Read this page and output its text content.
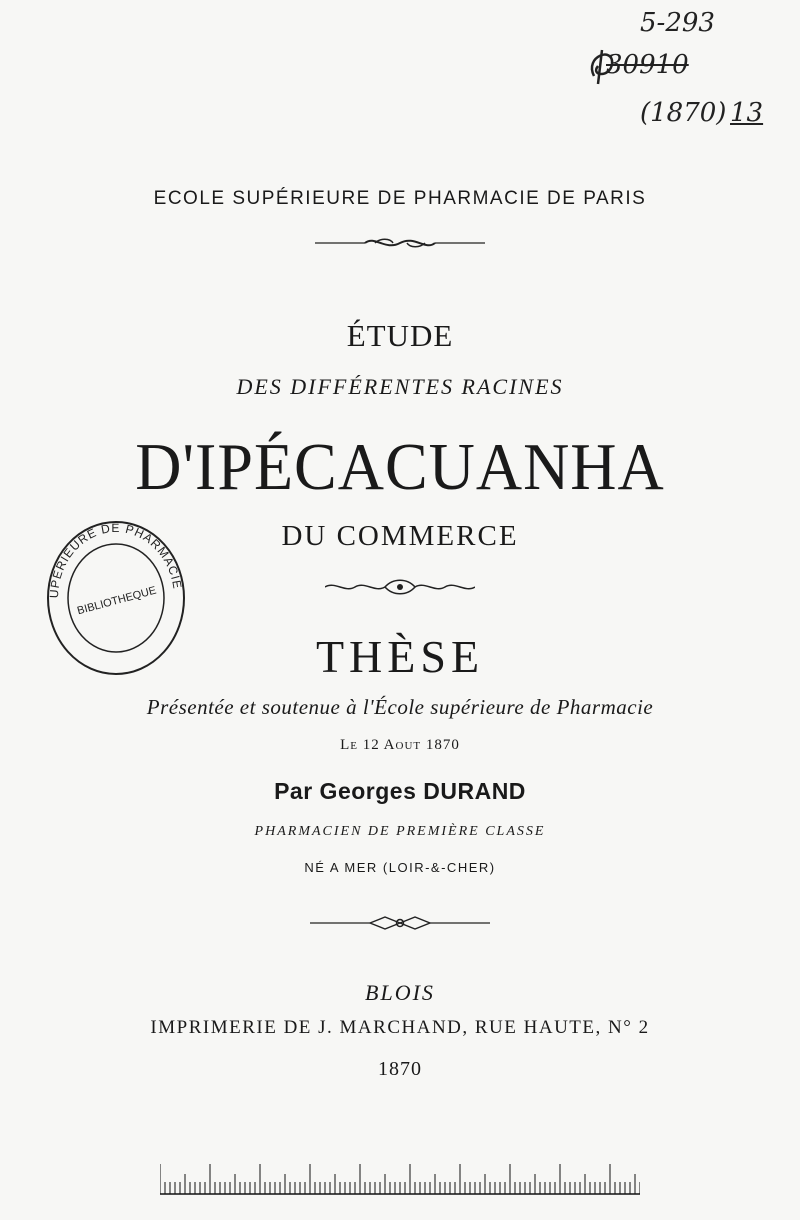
5-293
30910
(1870) 13
ECOLE SUPÉRIEURE DE PHARMACIE DE PARIS
ÉTUDE
DES DIFFÉRENTES RACINES
D'IPÉCACUANHA
DU COMMERCE
UPERIEURE DE PHARMACIE
BIBLIOTHEQUE
THÈSE
Présentée et soutenue à l'École supérieure de Pharmacie
Le 12 Aout 1870
Par Georges DURAND
PHARMACIEN DE PREMIÈRE CLASSE
NÉ A MER (LOIR-&-CHER)
BLOIS
IMPRIMERIE DE J. MARCHAND, RUE HAUTE, N° 2
1870
